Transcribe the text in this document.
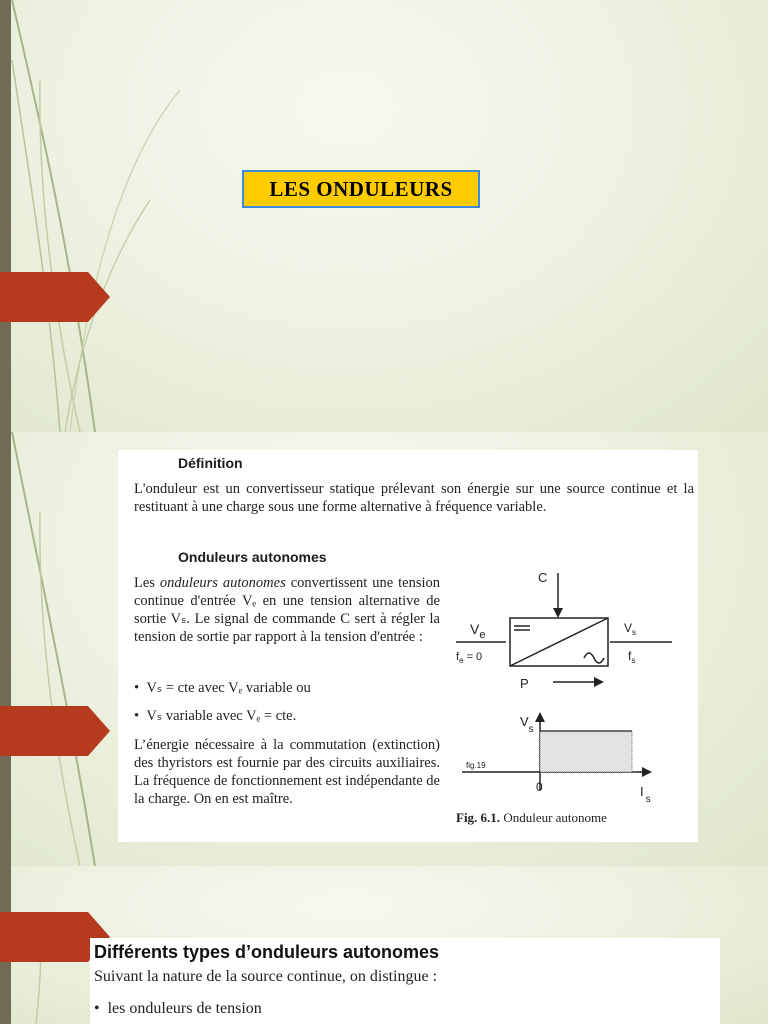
LES ONDULEURS
Définition

L'onduleur est un convertisseur statique prélevant son énergie sur une source continue et la restituant à une charge sous une forme alternative à fréquence variable.

Onduleurs autonomes

Les onduleurs autonomes convertissent une tension continue d'entrée Vₑ en une tension alternative de sortie Vₛ. Le signal de commande C sert à régler la tension de sortie par rapport à la tension d'entrée :

•  Vₛ = cte avec Vₑ variable ou
•  Vₛ variable avec Vₑ = cte.

L’énergie nécessaire à la commutation (extinction) des thyristors est fournie par des circuits auxiliaires. La fréquence de fonctionnement est indépendante de la charge. On en est maître.

C
$V_e$	$V_s$
$f_e = 0$	$f_s$
P
$V_s$
$I_s$
0
fig.19
Fig. 6.1. Onduleur autonome
Différents types d’onduleurs autonomes
Suivant la nature de la source continue, on distingue :
•  les onduleurs de tension
